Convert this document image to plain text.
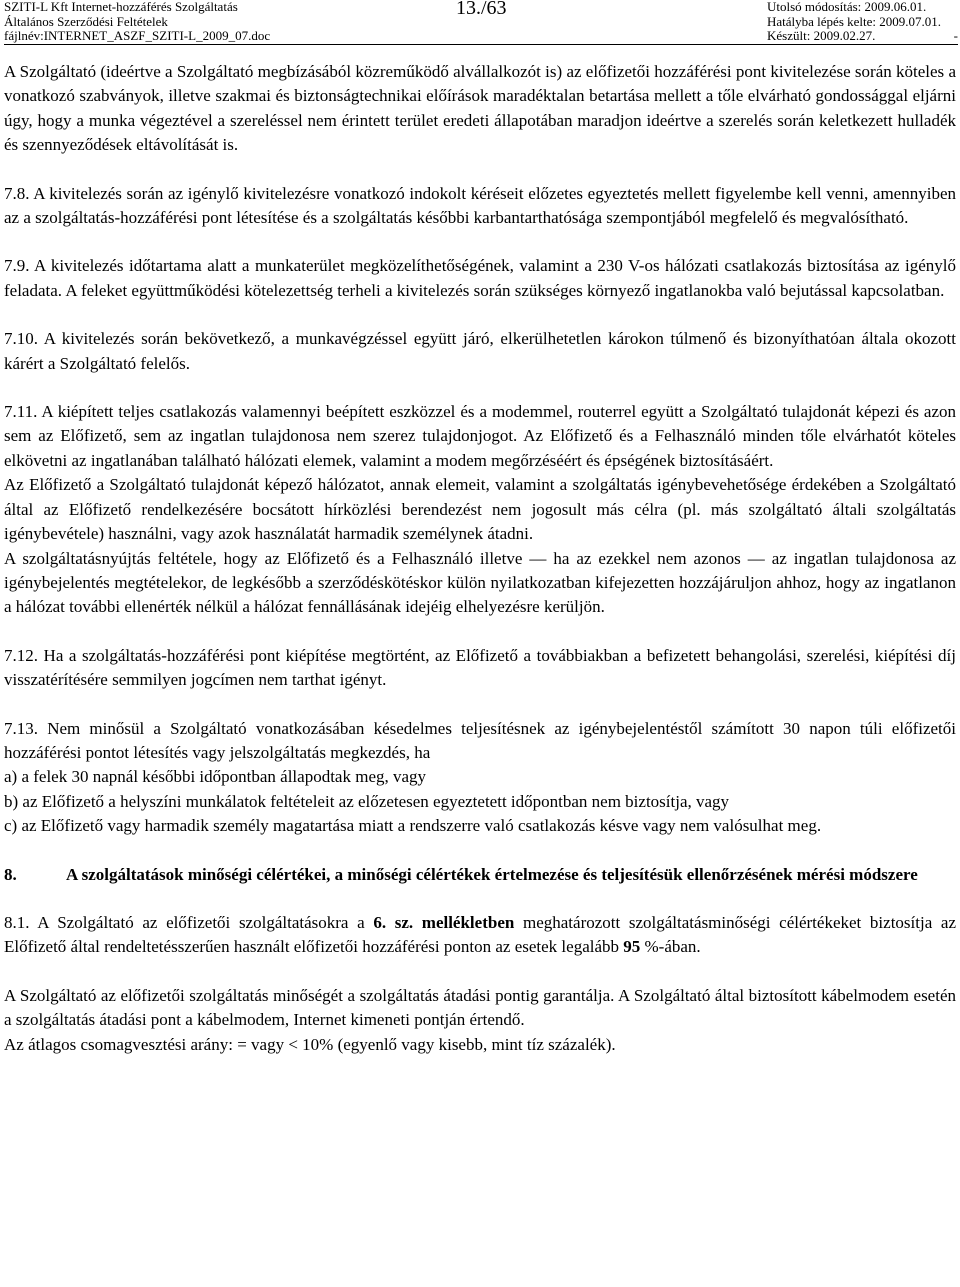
SZITI-L Kft Internet-hozzáférés Szolgáltatás	13./63	Utolsó módosítás: 2009.06.01.
Általános Szerződési Feltételek	Hatályba lépés kelte: 2009.07.01.
fájlnév:INTERNET_ASZF_SZITI-L_2009_07.doc	Készült: 2009.02.27.	-

A Szolgáltató (ideértve a Szolgáltató megbízásából közreműködő alvállalkozót is) az előfizetői hozzáférési pont kivitelezése során köteles a vonatkozó szabványok, illetve szakmai és biztonságtechnikai előírások maradéktalan betartása mellett a tőle elvárható gondossággal eljárni úgy, hogy a munka végeztével a szereléssel nem érintett terület eredeti állapotában maradjon ideértve a szerelés során keletkezett hulladék és szennyeződések eltávolítását is.

7.8. A kivitelezés során az igénylő kivitelezésre vonatkozó indokolt kéréseit előzetes egyeztetés mellett figyelembe kell venni, amennyiben az a szolgáltatás-hozzáférési pont létesítése és a szolgáltatás későbbi karbantarthatósága szempontjából megfelelő és megvalósítható.

7.9. A kivitelezés időtartama alatt a munkaterület megközelíthetőségének, valamint a 230 V-os hálózati csatlakozás biztosítása az igénylő feladata. A feleket együttműködési kötelezettség terheli a kivitelezés során szükséges környező ingatlanokba való bejutással kapcsolatban.

7.10. A kivitelezés során bekövetkező, a munkavégzéssel együtt járó, elkerülhetetlen károkon túlmenő és bizonyíthatóan általa okozott kárért a Szolgáltató felelős.

7.11. A kiépített teljes csatlakozás valamennyi beépített eszközzel és a modemmel, routerrel együtt a Szolgáltató tulajdonát képezi és azon sem az Előfizető, sem az ingatlan tulajdonosa nem szerez tulajdonjogot. Az Előfizető és a Felhasználó minden tőle elvárhatót köteles elkövetni az ingatlanában található hálózati elemek, valamint a modem megőrzéséért és épségének biztosításáért.

Az Előfizető a Szolgáltató tulajdonát képező hálózatot, annak elemeit, valamint a szolgáltatás igénybevehetősége érdekében a Szolgáltató által az Előfizető rendelkezésére bocsátott hírközlési berendezést nem jogosult más célra (pl. más szolgáltató általi szolgáltatás igénybevétele) használni, vagy azok használatát harmadik személynek átadni.

A szolgáltatásnyújtás feltétele, hogy az Előfizető és a Felhasználó illetve — ha az ezekkel nem azonos — az ingatlan tulajdonosa az igénybejelentés megtételekor, de legkésőbb a szerződéskötéskor külön nyilatkozatban kifejezetten hozzájáruljon ahhoz, hogy az ingatlanon a hálózat további ellenérték nélkül a hálózat fennállásának idejéig elhelyezésre kerüljön.

7.12. Ha a szolgáltatás-hozzáférési pont kiépítése megtörtént, az Előfizető a továbbiakban a befizetett behangolási, szerelési, kiépítési díj visszatérítésére semmilyen jogcímen nem tarthat igényt.

7.13. Nem minősül a Szolgáltató vonatkozásában késedelmes teljesítésnek az igénybejelentéstől számított 30 napon túli előfizetői hozzáférési pontot létesítés vagy jelszolgáltatás megkezdés, ha

a) a felek 30 napnál későbbi időpontban állapodtak meg, vagy

b) az Előfizető a helyszíni munkálatok feltételeit az előzetesen egyeztetett időpontban nem biztosítja, vagy

c) az Előfizető vagy harmadik személy magatartása miatt a rendszerre való csatlakozás késve vagy nem valósulhat meg.

8.	A szolgáltatások minőségi célértékei, a minőségi célértékek értelmezése és teljesítésük ellenőrzésének mérési módszere

8.1. A Szolgáltató az előfizetői szolgáltatásokra a 6. sz. mellékletben meghatározott szolgáltatásminőségi célértékeket biztosítja az Előfizető által rendeltetésszerűen használt előfizetői hozzáférési ponton az esetek legalább 95 %-ában.

A Szolgáltató az előfizetői szolgáltatás minőségét a szolgáltatás átadási pontig garantálja. A Szolgáltató által biztosított kábelmodem esetén a szolgáltatás átadási pont a kábelmodem, Internet kimeneti pontján értendő.

Az átlagos csomagvesztési arány: = vagy < 10% (egyenlő vagy kisebb, mint tíz százalék).
